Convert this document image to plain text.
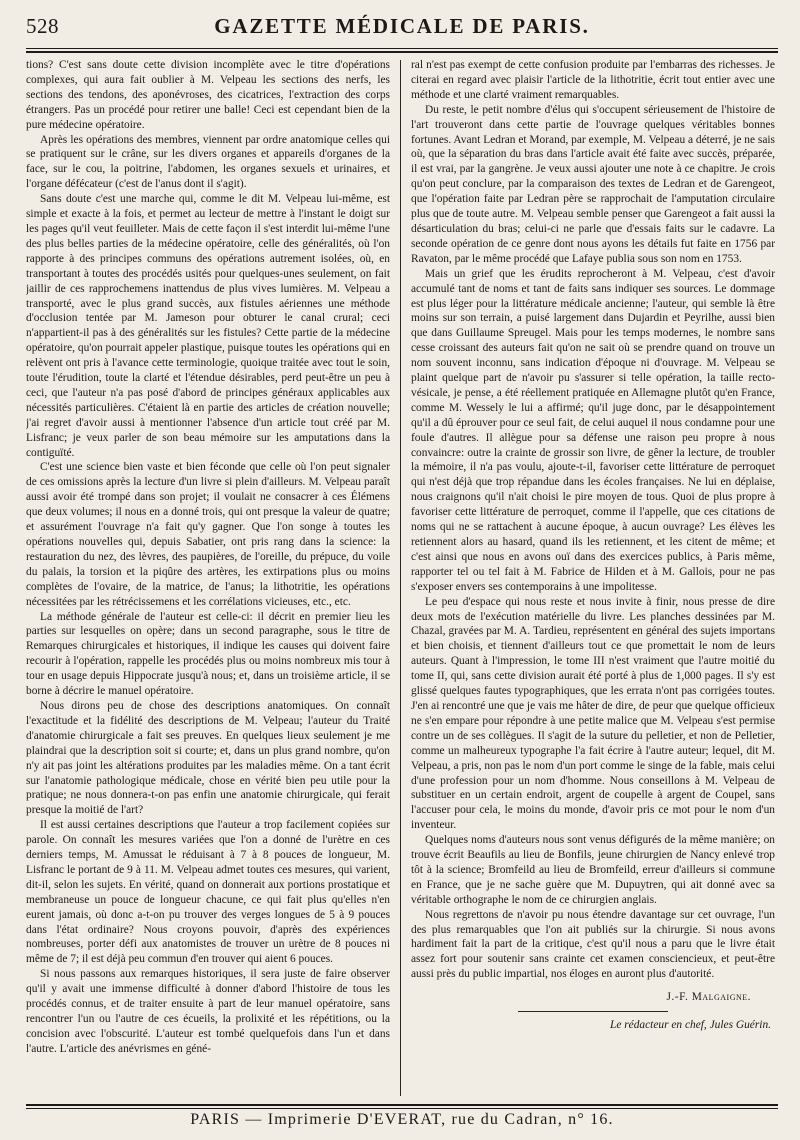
528	GAZETTE MÉDICALE DE PARIS.

tions? C'est sans doute cette division incomplète avec le titre d'opérations complexes, qui aura fait oublier à M. Velpeau les sections des nerfs, les sections des tendons, des aponévroses, des cicatrices, l'extraction des corps étrangers. Pas un procédé pour retirer une balle! Ceci est cependant bien de la pure médecine opératoire.

Après les opérations des membres, viennent par ordre anatomique celles qui se pratiquent sur le crâne, sur les divers organes et appareils d'organes de la face, sur le cou, la poitrine, l'abdomen, les organes sexuels et urinaires, et l'organe défécateur (c'est de l'anus dont il s'agit).

Sans doute c'est une marche qui, comme le dit M. Velpeau lui-même, est simple et exacte à la fois, et permet au lecteur de mettre à l'instant le doigt sur les pages qu'il veut feuilleter. Mais de cette façon il s'est interdit lui-même l'une des plus belles parties de la médecine opératoire, celle des généralités, où l'on rapporte à des principes communs des opérations autrement isolées, où, en transportant à toutes des procédés usités pour quelques-unes seulement, on fait jaillir de ces rapprochemens inattendus de plus vives lumières. M. Velpeau a transporté, avec le plus grand succès, aux fistules aériennes une méthode d'occlusion tentée par M. Jameson pour obturer le canal crural; ceci n'appartient-il pas à des généralités sur les fistules? Cette partie de la médecine opératoire, qu'on pourrait appeler plastique, puisque toutes les opérations qui en relèvent ont pris à l'avance cette terminologie, quoique traitée avec tout le soin, toute l'érudition, toute la clarté et l'étendue désirables, perd peut-être un peu à ceci, que l'auteur n'a pas posé d'abord de principes généraux applicables aux nécessités particulières. C'étaient là en partie des articles de création nouvelle; j'ai regret d'avoir aussi à mentionner l'absence d'un article tout créé par M. Lisfranc; je veux parler de son beau mémoire sur les amputations dans la contiguïté.

C'est une science bien vaste et bien féconde que celle où l'on peut signaler de ces omissions après la lecture d'un livre si plein d'ailleurs. M. Velpeau paraît aussi avoir été trompé dans son projet; il voulait ne consacrer à ces Élémens que deux volumes; il nous en a donné trois, qui ont presque la valeur de quatre; et assurément l'ouvrage n'a fait qu'y gagner. Que l'on songe à toutes les opérations nouvelles qui, depuis Sabatier, ont pris rang dans la science: la restauration du nez, des lèvres, des paupières, de l'oreille, du prépuce, du voile du palais, la torsion et la piqûre des artères, les extirpations plus ou moins complètes de l'ovaire, de la matrice, de l'anus; la lithotritie, les opérations nécessitées par les rétrécissemens et les corrélations vicieuses, etc., etc.

La méthode générale de l'auteur est celle-ci: il décrit en premier lieu les parties sur lesquelles on opère; dans un second paragraphe, sous le titre de Remarques chirurgicales et historiques, il indique les causes qui doivent faire recourir à l'opération, rappelle les procédés plus ou moins nombreux mis tour à tour en usage depuis Hippocrate jusqu'à nous; et, dans un troisième article, il se borne à décrire le manuel opératoire.

Nous dirons peu de chose des descriptions anatomiques. On connaît l'exactitude et la fidélité des descriptions de M. Velpeau; l'auteur du Traité d'anatomie chirurgicale a fait ses preuves. En quelques lieux seulement je me plaindrai que la description soit si courte; et, dans un plus grand nombre, qu'on n'y ait pas joint les altérations produites par les maladies même. On a tant écrit sur l'anatomie pathologique médicale, chose en vérité bien peu utile pour la pratique; ne nous donnera-t-on pas enfin une anatomie chirurgicale, qui ferait presque la moitié de l'art?

Il est aussi certaines descriptions que l'auteur a trop facilement copiées sur parole. On connaît les mesures variées que l'on a donné de l'urètre en ces derniers temps, M. Amussat le réduisant à 7 à 8 pouces de longueur, M. Lisfranc le portant de 9 à 11. M. Velpeau admet toutes ces mesures, qui varient, dit-il, selon les sujets. En vérité, quand on donnerait aux portions prostatique et membraneuse un pouce de longueur chacune, ce qui fait plus qu'elles n'en eurent jamais, où donc a-t-on pu trouver des verges longues de 5 à 9 pouces dans l'état ordinaire? Nous croyons pouvoir, d'après des expériences nombreuses, porter défi aux anatomistes de trouver un urètre de 8 pouces ni même de 7; il est déjà peu commun d'en trouver qui aient 6 pouces.

Si nous passons aux remarques historiques, il sera juste de faire observer qu'il y avait une immense difficulté à donner d'abord l'histoire de tous les procédés connus, et de traiter ensuite à part de leur manuel opératoire, sans rencontrer l'un ou l'autre de ces écueils, la prolixité et les répétitions, ou la concision avec l'obscurité. L'auteur est tombé quelquefois dans l'un et dans l'autre. L'article des anévrismes en géné-

ral n'est pas exempt de cette confusion produite par l'embarras des richesses. Je citerai en regard avec plaisir l'article de la lithotritie, écrit tout entier avec une méthode et une clarté vraiment remarquables.

Du reste, le petit nombre d'élus qui s'occupent sérieusement de l'histoire de l'art trouveront dans cette partie de l'ouvrage quelques véritables bonnes fortunes. Avant Ledran et Morand, par exemple, M. Velpeau a déterré, je ne sais où, que la séparation du bras dans l'article avait été faite avec succès, préparée, il est vrai, par la gangrène. Je veux aussi ajouter une note à ce chapitre. Je crois qu'on peut conclure, par la comparaison des textes de Ledran et de Garengeot, que l'opération faite par Ledran père se rapprochait de l'amputation circulaire plus que de toute autre. M. Velpeau semble penser que Garengeot a fait aussi la désarticulation du bras; celui-ci ne parle que d'essais faits sur le cadavre. La seconde opération de ce genre dont nous ayons les détails fut faite en 1756 par Ravaton, par le même procédé que Lafaye publia sous son nom en 1753.

Mais un grief que les érudits reprocheront à M. Velpeau, c'est d'avoir accumulé tant de noms et tant de faits sans indiquer ses sources. Le dommage est plus léger pour la littérature médicale ancienne; l'auteur, qui semble là être moins sur son terrain, a puisé largement dans Dujardin et Peyrilhe, aussi bien que dans Guillaume Spreugel. Mais pour les temps modernes, le nombre sans cesse croissant des auteurs fait qu'on ne sait où se prendre quand on trouve un nom souvent inconnu, sans indication d'époque ni d'ouvrage. M. Velpeau se plaint quelque part de n'avoir pu s'assurer si telle opération, la taille recto-vésicale, je pense, a été réellement pratiquée en Allemagne plutôt qu'en France, comme M. Wessely le lui a affirmé; qu'il juge donc, par le désappointement qu'il a dû éprouver pour ce seul fait, de celui auquel il nous condamne pour une foule d'autres. Il allègue pour sa défense une raison peu propre à nous convaincre: outre la crainte de grossir son livre, de gêner la lecture, de troubler la mémoire, il n'a pas voulu, ajoute-t-il, favoriser cette littérature de perroquet qui n'est déjà que trop répandue dans les écoles françaises. Ne lui en déplaise, nous craignons qu'il n'ait choisi le pire moyen de tous. Quoi de plus propre à favoriser cette littérature de perroquet, comme il l'appelle, que ces citations de noms qui ne se rattachent à aucune époque, à aucun ouvrage? Les élèves les retiennent alors au hasard, quand ils les retiennent, et les citent de même; et c'est ainsi que nous en avons ouï dans des exercices publics, à Paris même, rapporter tel ou tel fait à M. Fabrice de Hilden et à M. Gallois, pour ne pas s'exposer envers ses contemporains à une impolitesse.

Le peu d'espace qui nous reste et nous invite à finir, nous presse de dire deux mots de l'exécution matérielle du livre. Les planches dessinées par M. Chazal, gravées par M. A. Tardieu, représentent en général des sujets importans et bien choisis, et tiennent d'ailleurs tout ce que promettait le nom de leurs auteurs. Quant à l'impression, le tome III n'est vraiment que l'autre moitié du tome II, qui, sans cette division aurait été porté à plus de 1,000 pages. Il s'y est glissé quelques fautes typographiques, que les errata n'ont pas corrigées toutes. J'en ai rencontré une que je vais me hâter de dire, de peur que quelque officieux ne s'en empare pour répondre à une petite malice que M. Velpeau s'est permise contre un de ses collègues. Il s'agit de la suture du pelletier, et non de Pelletier, comme un malheureux typographe l'a fait écrire à l'autre auteur; lequel, dit M. Velpeau, a pris, non pas le nom d'un port comme le singe de la fable, mais celui d'une profession pour un nom d'homme. Nous conseillons à M. Velpeau de substituer en un certain endroit, argent de coupelle à argent de Coupel, sans l'accuser pour cela, le moins du monde, d'avoir pris ce mot pour le nom d'un inventeur.

Quelques noms d'auteurs nous sont venus défigurés de la même manière; on trouve écrit Beaufils au lieu de Bonfils, jeune chirurgien de Nancy enlevé trop tôt à la science; Bromfeild au lieu de Bromfeild, erreur d'ailleurs si commune en France, que je ne sache guère que M. Dupuytren, qui ait donné avec sa véritable orthographe le nom de ce chirurgien anglais.

Nous regrettons de n'avoir pu nous étendre davantage sur cet ouvrage, l'un des plus remarquables que l'on ait publiés sur la chirurgie. Si nous avons hardiment fait la part de la critique, c'est qu'il nous a paru que le livre était assez fort pour soutenir sans crainte cet examen consciencieux, et peut-être aussi près du public impartial, nos éloges en auront plus d'autorité.

J.-F. Malgaigne.

Le rédacteur en chef, Jules Guérin.

PARIS — Imprimerie D'EVERAT, rue du Cadran, n° 16.
